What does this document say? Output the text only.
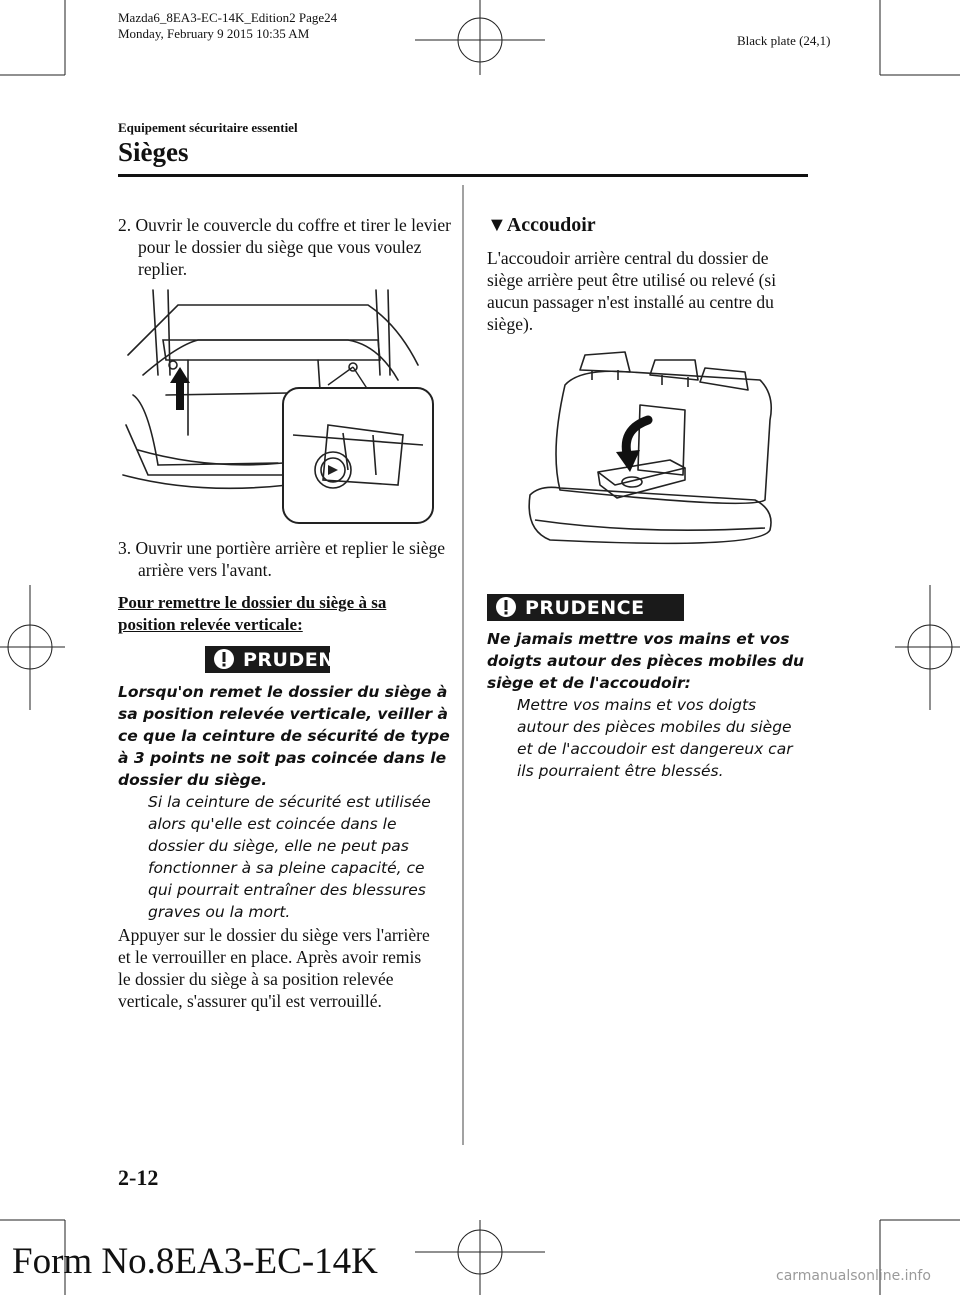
Mazda6_8EA3-EC-14K_Edition2 Page24
Monday, February 9 2015 10:35 AM	Black plate (24,1)
Equipement sécuritaire essentiel
Sièges
2. Ouvrir le couvercle du coffre et tirer le levier pour le dossier du siège que vous voulez replier.
3. Ouvrir une portière arrière et replier le siège arrière vers l'avant.
Pour remettre le dossier du siège à sa position relevée verticale:
PRUDENCE
Lorsqu'on remet le dossier du siège à sa position relevée verticale, veiller à ce que la ceinture de sécurité de type à 3 points ne soit pas coincée dans le dossier du siège.
Si la ceinture de sécurité est utilisée alors qu'elle est coincée dans le dossier du siège, elle ne peut pas fonctionner à sa pleine capacité, ce qui pourrait entraîner des blessures graves ou la mort.
Appuyer sur le dossier du siège vers l'arrière et le verrouiller en place. Après avoir remis le dossier du siège à sa position relevée verticale, s'assurer qu'il est verrouillé.
▼Accoudoir
L'accoudoir arrière central du dossier de siège arrière peut être utilisé ou relevé (si aucun passager n'est installé au centre du siège).
PRUDENCE
Ne jamais mettre vos mains et vos doigts autour des pièces mobiles du siège et de l'accoudoir:
Mettre vos mains et vos doigts autour des pièces mobiles du siège et de l'accoudoir est dangereux car ils pourraient être blessés.
2-12
Form No.8EA3-EC-14K	carmanualsonline.info
